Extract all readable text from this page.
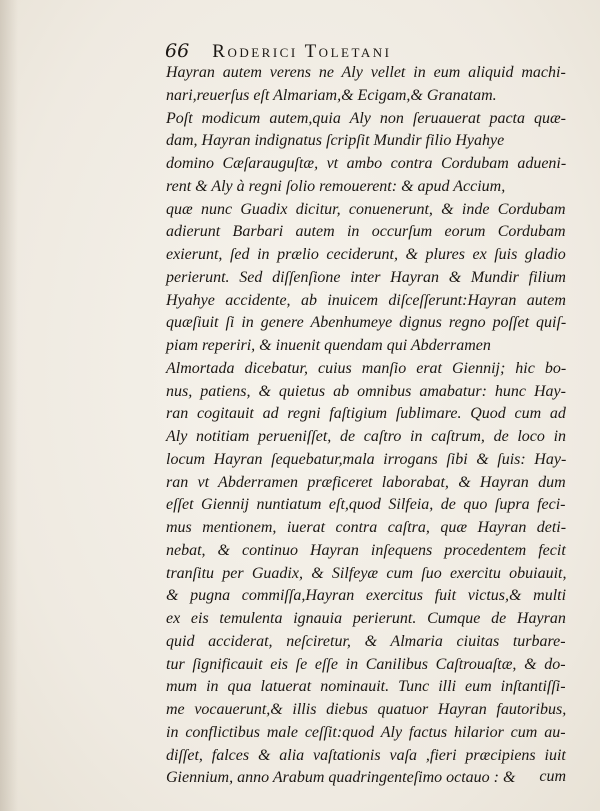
66 Roderici Toletani
Hayran autem verens ne Aly vellet in eum aliquid machi-
nari,reuerſus eſt Almariam,& Ecigam,& Granatam.
Poſt modicum autem,quia Aly non ſeruauerat pacta quæ-
dam, Hayran indignatus ſcripſit Mundir filio Hyahye
domino Cæſarauguſtæ, vt ambo contra Cordubam adueni-
rent & Aly à regni ſolio remouerent: & apud Accium,
quæ nunc Guadix dicitur, conuenerunt, & inde Cordubam
adierunt Barbari autem in occurſum eorum Cordubam
exierunt, ſed in prælio ceciderunt, & plures ex ſuis gladio
perierunt. Sed diſſenſione inter Hayran & Mundir filium
Hyahye accidente, ab inuicem diſceſſerunt:Hayran autem
quæſiuit ſi in genere Abenhumeye dignus regno poſſet quiſ-
piam reperiri, & inuenit quendam qui Abderramen
Almortada dicebatur, cuius manſio erat Giennij; hic bo-
nus, patiens, & quietus ab omnibus amabatur: hunc Hay-
ran cogitauit ad regni faſtigium ſublimare. Quod cum ad
Aly notitiam perueniſſet, de caſtro in caſtrum, de loco in
locum Hayran ſequebatur,mala irrogans ſibi & ſuis: Hay-
ran vt Abderramen præficeret laborabat, & Hayran dum
eſſet Giennij nuntiatum eſt,quod Silfeia, de quo ſupra feci-
mus mentionem, iuerat contra caſtra, quæ Hayran deti-
nebat, & continuo Hayran inſequens procedentem fecit
tranſitu per Guadix, & Silfeyæ cum ſuo exercitu obuiauit,
& pugna commiſſa,Hayran exercitus fuit victus,& multi
ex eis temulenta ignauia perierunt. Cumque de Hayran
quid acciderat, neſciretur, & Almaria ciuitas turbare-
tur ſignificauit eis ſe eſſe in Canilibus Caſtrouaſtæ, & do-
mum in qua latuerat nominauit. Tunc illi eum inſtantiſſi-
me vocauerunt,& illis diebus quatuor Hayran fautoribus,
in conflictibus male ceſſit:quod Aly factus hilarior cum au-
diſſet, falces & alia vaſtationis vaſa ,fieri præcipiens iuit
Giennium, anno Arabum quadringenteſimo octauo : &	cum
